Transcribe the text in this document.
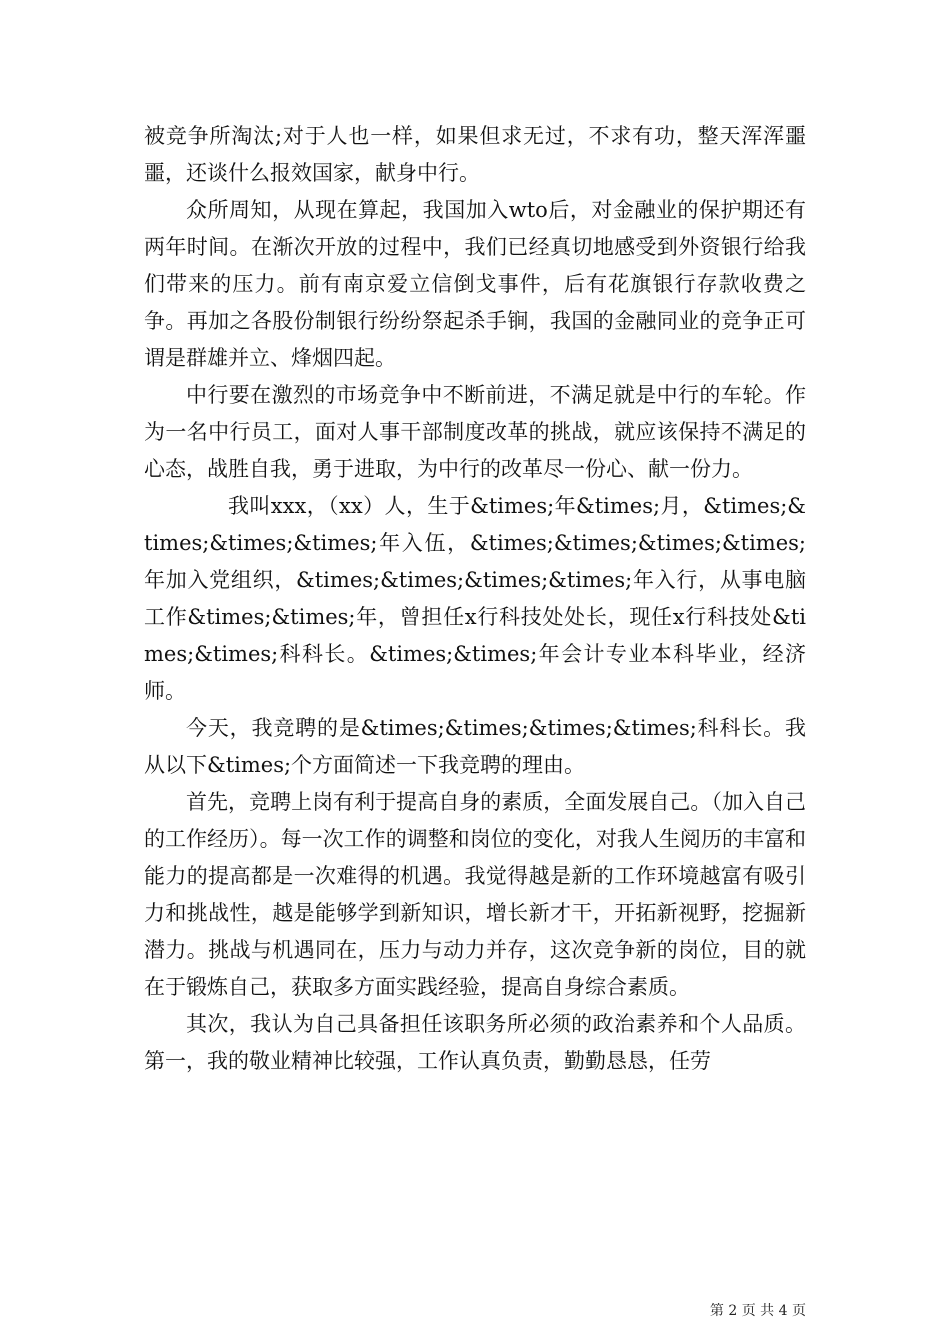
被竞争所淘汰;对于人也一样，如果但求无过，不求有功，整天浑浑噩噩，还谈什么报效国家，献身中行。

众所周知，从现在算起，我国加入wto后，对金融业的保护期还有两年时间。在渐次开放的过程中，我们已经真切地感受到外资银行给我们带来的压力。前有南京爱立信倒戈事件，后有花旗银行存款收费之争。再加之各股份制银行纷纷祭起杀手锏，我国的金融同业的竞争正可谓是群雄并立、烽烟四起。

中行要在激烈的市场竞争中不断前进，不满足就是中行的车轮。作为一名中行员工，面对人事干部制度改革的挑战，就应该保持不满足的心态，战胜自我，勇于进取，为中行的改革尽一份心、献一份力。

我叫xxx，（xx）人，生于&times;年&times;月，&times;&times;&times;&times;年入伍，&times;&times;&times;&times;年加入党组织，&times;&times;&times;&times;年入行，从事电脑工作&times;&times;年，曾担任x行科技处处长，现任x行科技处&times;&times;科科长。&times;&times;年会计专业本科毕业，经济师。

今天，我竞聘的是&times;&times;&times;&times;科科长。我从以下&times;个方面简述一下我竞聘的理由。

首先，竞聘上岗有利于提高自身的素质，全面发展自己。（加入自己的工作经历）。每一次工作的调整和岗位的变化，对我人生阅历的丰富和能力的提高都是一次难得的机遇。我觉得越是新的工作环境越富有吸引力和挑战性，越是能够学到新知识，增长新才干，开拓新视野，挖掘新潜力。挑战与机遇同在，压力与动力并存，这次竞争新的岗位，目的就在于锻炼自己，获取多方面实践经验，提高自身综合素质。

其次，我认为自己具备担任该职务所必须的政治素养和个人品质。第一，我的敬业精神比较强，工作认真负责，勤勤恳恳，任劳

第 2 页 共 4 页
